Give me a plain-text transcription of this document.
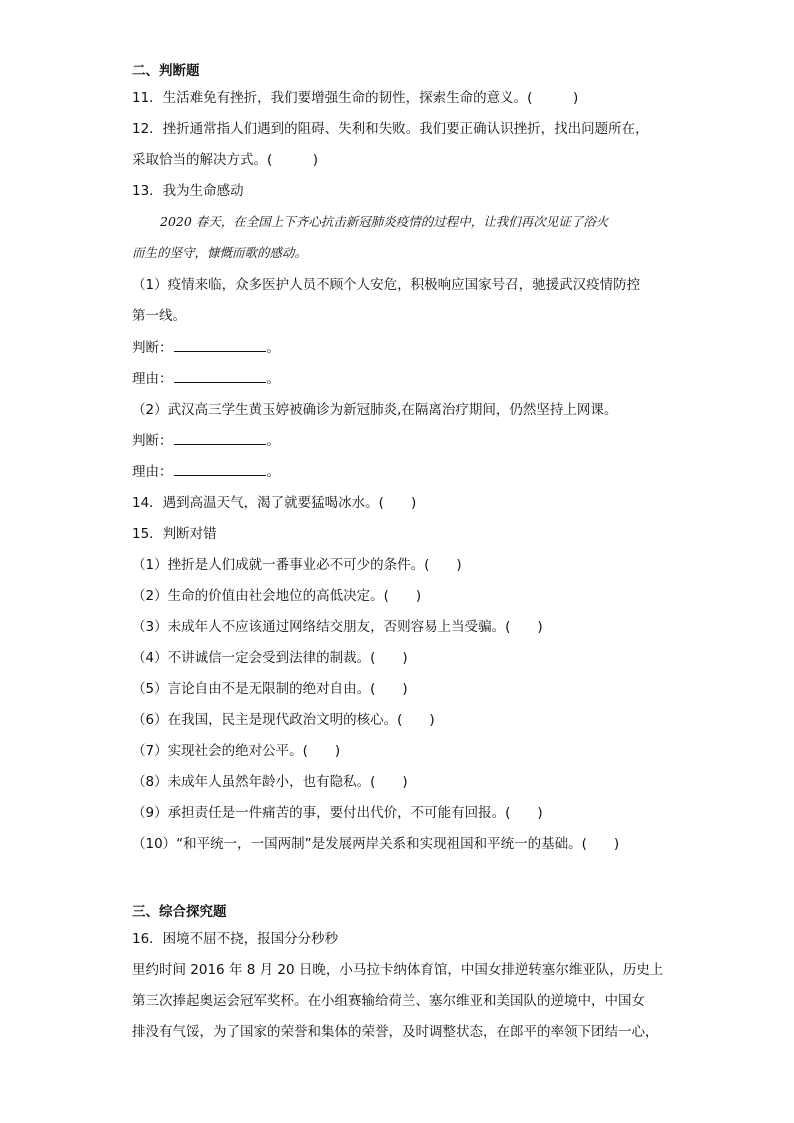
二、判断题
11．生活难免有挫折，我们要增强生命的韧性，探索生命的意义。(　　　)
12．挫折通常指人们遇到的阻碍、失利和失败。我们要正确认识挫折，找出问题所在，
采取恰当的解决方式。(　　　)
13．我为生命感动
2020 春天，在全国上下齐心抗击新冠肺炎疫情的过程中，让我们再次见证了浴火
而生的坚守，慷慨而歌的感动。
（1）疫情来临，众多医护人员不顾个人安危，积极响应国家号召，驰援武汉疫情防控
第一线。
判断：	。
理由：	。
（2）武汉高三学生黄玉婷被确诊为新冠肺炎,在隔离治疗期间，仍然坚持上网课。
判断：	。
理由：	。
14．遇到高温天气，渴了就要猛喝冰水。(　　)
15．判断对错
（1）挫折是人们成就一番事业必不可少的条件。(　　)
（2）生命的价值由社会地位的高低决定。(　　)
（3）未成年人不应该通过网络结交朋友，否则容易上当受骗。(　　)
（4）不讲诚信一定会受到法律的制裁。(　　)
（5）言论自由不是无限制的绝对自由。(　　)
（6）在我国，民主是现代政治文明的核心。(　　)
（7）实现社会的绝对公平。(　　)
（8）未成年人虽然年龄小，也有隐私。(　　)
（9）承担责任是一件痛苦的事，要付出代价，不可能有回报。(　　)
（10）“和平统一，一国两制”是发展两岸关系和实现祖国和平统一的基础。(　　)
三、综合探究题
16．困境不屈不挠，报国分分秒秒
里约时间 2016 年 8 月 20 日晚，小马拉卡纳体育馆，中国女排逆转塞尔维亚队，历史上
第三次捧起奥运会冠军奖杯。在小组赛输给荷兰、塞尔维亚和美国队的逆境中，中国女
排没有气馁，为了国家的荣誉和集体的荣誉，及时调整状态，在郎平的率领下团结一心，
